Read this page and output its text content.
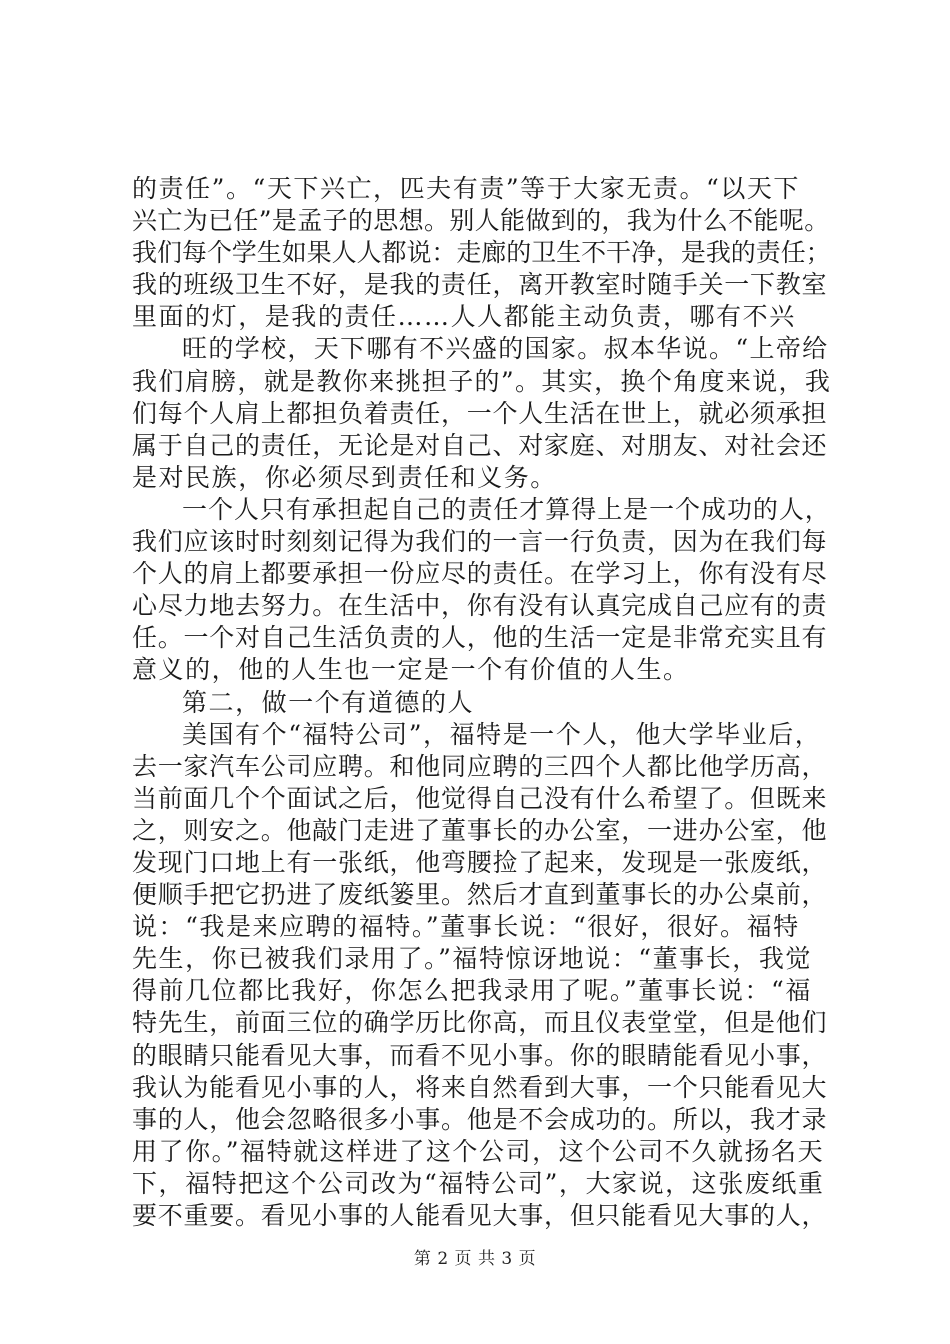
的责任”。“天下兴亡，匹夫有责”等于大家无责。“以天下
兴亡为已任”是孟子的思想。别人能做到的，我为什么不能呢。
我们每个学生如果人人都说：走廊的卫生不干净，是我的责任；
我的班级卫生不好，是我的责任，离开教室时随手关一下教室
里面的灯，是我的责任……人人都能主动负责，哪有不兴
旺的学校，天下哪有不兴盛的国家。叔本华说。“上帝给
我们肩膀，就是教你来挑担子的”。其实，换个角度来说，我
们每个人肩上都担负着责任，一个人生活在世上，就必须承担
属于自己的责任，无论是对自己、对家庭、对朋友、对社会还
是对民族，你必须尽到责任和义务。
一个人只有承担起自己的责任才算得上是一个成功的人，
我们应该时时刻刻记得为我们的一言一行负责，因为在我们每
个人的肩上都要承担一份应尽的责任。在学习上，你有没有尽
心尽力地去努力。在生活中，你有没有认真完成自己应有的责
任。一个对自己生活负责的人，他的生活一定是非常充实且有
意义的，他的人生也一定是一个有价值的人生。
第二，做一个有道德的人
美国有个“福特公司”，福特是一个人，他大学毕业后，
去一家汽车公司应聘。和他同应聘的三四个人都比他学历高，
当前面几个个面试之后，他觉得自己没有什么希望了。但既来
之，则安之。他敲门走进了董事长的办公室，一进办公室，他
发现门口地上有一张纸，他弯腰捡了起来，发现是一张废纸，
便顺手把它扔进了废纸篓里。然后才直到董事长的办公桌前，
说：“我是来应聘的福特。”董事长说：“很好，很好。福特
先生，你已被我们录用了。”福特惊讶地说：“董事长，我觉
得前几位都比我好，你怎么把我录用了呢。”董事长说：“福
特先生，前面三位的确学历比你高，而且仪表堂堂，但是他们
的眼睛只能看见大事，而看不见小事。你的眼睛能看见小事，
我认为能看见小事的人，将来自然看到大事，一个只能看见大
事的人，他会忽略很多小事。他是不会成功的。所以，我才录
用了你。”福特就这样进了这个公司，这个公司不久就扬名天
下，福特把这个公司改为“福特公司”，大家说，这张废纸重
要不重要。看见小事的人能看见大事，但只能看见大事的人，
第 2 页 共 3 页
